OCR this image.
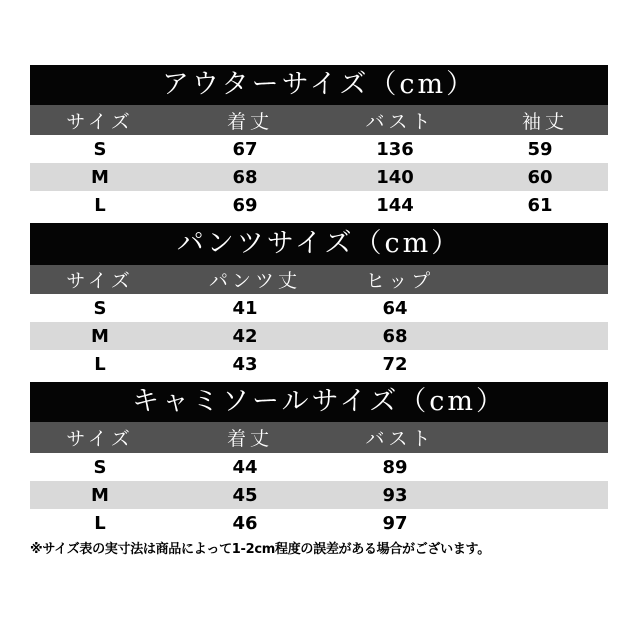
アウターサイズ（cm）
サイズ	着丈	バスト	袖丈
S	67	136	59
M	68	140	60
L	69	144	61
パンツサイズ（cm）
サイズ	パンツ丈	ヒップ
S	41	64
M	42	68
L	43	72
キャミソールサイズ（cm）
サイズ	着丈	バスト
S	44	89
M	45	93
L	46	97
※サイズ表の実寸法は商品によって1-2cm程度の誤差がある場合がございます。
